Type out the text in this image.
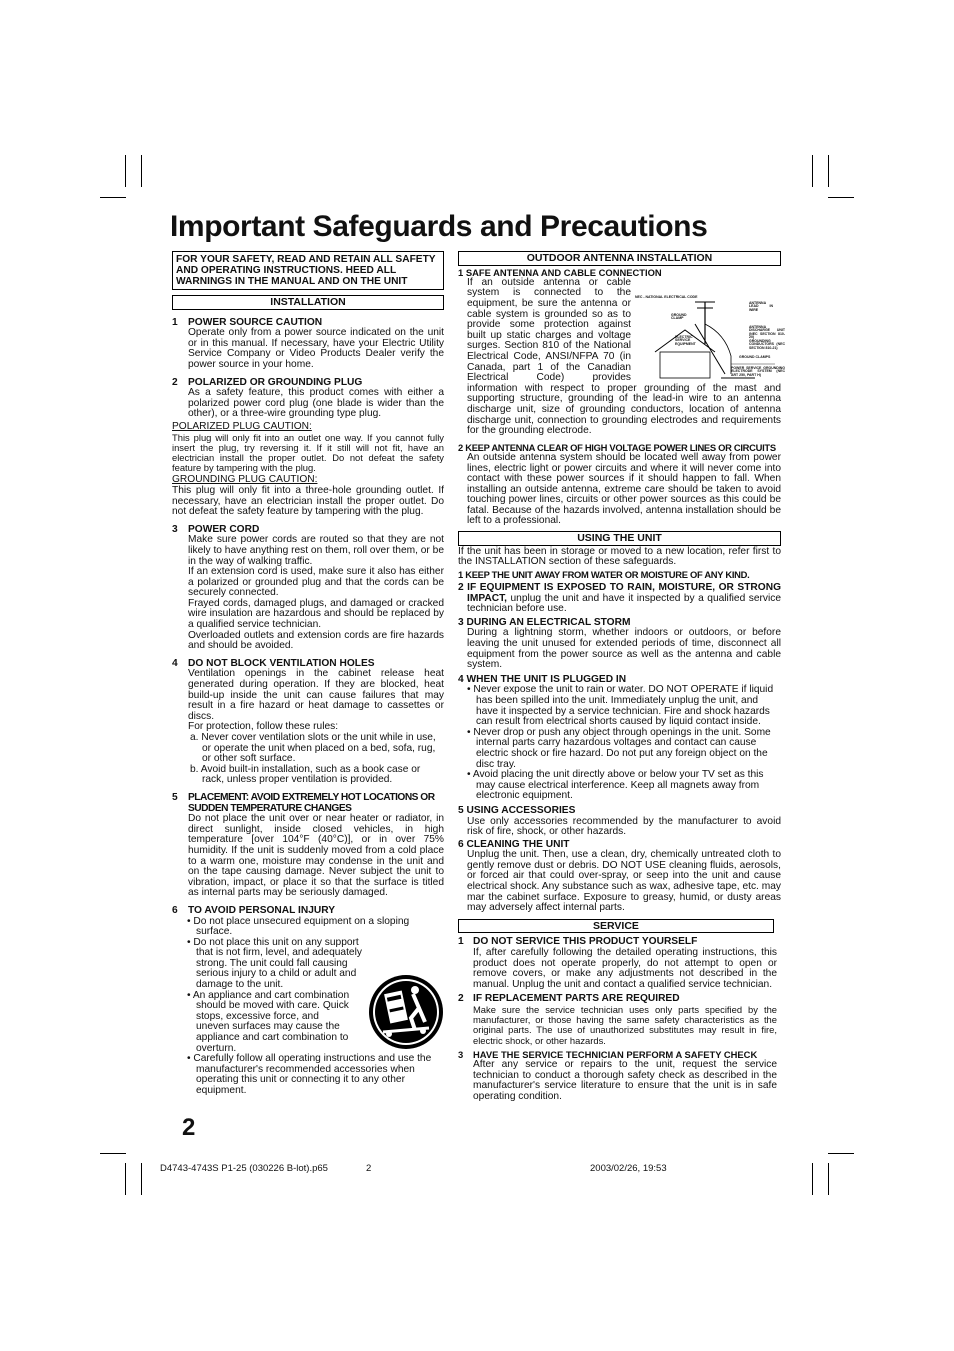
Important Safeguards and Precautions
FOR YOUR SAFETY, READ AND RETAIN ALL SAFETY AND OPERATING INSTRUCTIONS. HEED ALL WARNINGS IN THE MANUAL AND ON THE UNIT
INSTALLATION
1 POWER SOURCE CAUTION
Operate only from a power source indicated on the unit or in this manual. If necessary, have your Electric Utility Service Company or Video Products Dealer verify the power source in your home.
2 POLARIZED OR GROUNDING PLUG
As a safety feature, this product comes with either a polarized power cord plug (one blade is wider than the other), or a three-wire grounding type plug.
POLARIZED PLUG CAUTION:
This plug will only fit into an outlet one way. If you cannot fully insert the plug, try reversing it. If it still will not fit, have an electrician install the proper outlet. Do not defeat the safety feature by tampering with the plug.
GROUNDING PLUG CAUTION:
This plug will only fit into a three-hole grounding outlet. If necessary, have an electrician install the proper outlet. Do not defeat the safety feature by tampering with the plug.
3 POWER CORD
Make sure power cords are routed so that they are not likely to have anything rest on them, roll over them, or be in the way of walking traffic.
If an extension cord is used, make sure it also has either a polarized or grounded plug and that the cords can be securely connected.
Frayed cords, damaged plugs, and damaged or cracked wire insulation are hazardous and should be replaced by a qualified service technician.
Overloaded outlets and extension cords are fire hazards and should be avoided.
4 DO NOT BLOCK VENTILATION HOLES
Ventilation openings in the cabinet release heat generated during operation. If they are blocked, heat build-up inside the unit can cause failures that may result in a fire hazard or heat damage to cassettes or discs.
For protection, follow these rules:
a. Never cover ventilation slots or the unit while in use, or operate the unit when placed on a bed, sofa, rug, or other soft surface.
b. Avoid built-in installation, such as a book case or rack, unless proper ventilation is provided.
5	PLACEMENT: AVOID EXTREMELY HOT LOCATIONS OR SUDDEN TEMPERATURE CHANGES
Do not place the unit over or near heater or radiator, in direct sunlight, inside closed vehicles, in high temperature [over 104°F (40°C)], or in over 75% humidity. If the unit is suddenly moved from a cold place to a warm one, moisture may condense in the unit and on the tape causing damage. Never subject the unit to vibration, impact, or place it so that the surface is titled as internal parts may be seriously damaged.
6 TO AVOID PERSONAL INJURY
• Do not place unsecured equipment on a sloping surface.
• Do not place this unit on any support that is not firm, level, and adequately strong. The unit could fall causing serious injury to a child or adult and damage to the unit.
• An appliance and cart combination should be moved with care. Quick stops, excessive force, and uneven surfaces may cause the appliance and cart combination to overturn.
• Carefully follow all operating instructions and use the manufacturer's recommended accessories when operating this unit or connecting it to any other equipment.
2
OUTDOOR ANTENNA INSTALLATION
1 SAFE ANTENNA AND CABLE CONNECTION
NEC - NATIONAL ELECTRICAL CODE
ANTENNA LEAD IN WIRE
GROUND CLAMP
ANTENNA DISCHARGE UNIT (NEC SECTION 810-20)
ELECTRIC SERVICE EQUIPMENT
GROUNDING CONDUCTORS (NEC SECTION 810-21)
GROUND CLAMPS
POWER SERVICE GROUNDING ELECTRODE SYSTEM (NEC ART 250, PART H)
If an outside antenna or cable system is connected to the equipment, be sure the antenna or cable system is grounded so as to provide some protection against built up static charges and voltage surges. Section 810 of the National Electrical Code, ANSI/NFPA 70 (in Canada, part 1 of the Canadian Electrical Code) provides information with respect to proper grounding of the mast and supporting structure, grounding of the lead-in wire to an antenna discharge unit, size of grounding conductors, location of antenna discharge unit, connection to grounding electrodes and requirements for the grounding electrode.
2 KEEP ANTENNA CLEAR OF HIGH VOLTAGE POWER LINES OR CIRCUITS
An outside antenna system should be located well away from power lines, electric light or power circuits and where it will never come into contact with these power sources if it should happen to fall. When installing an outside antenna, extreme care should be taken to avoid touching power lines, circuits or other power sources as this could be fatal. Because of the hazards involved, antenna installation should be left to a professional.
USING THE UNIT
If the unit has been in storage or moved to a new location, refer first to the INSTALLATION section of these safeguards.
1 KEEP THE UNIT AWAY FROM WATER OR MOISTURE OF ANY KIND.
2 IF EQUIPMENT IS EXPOSED TO RAIN, MOISTURE, OR STRONG IMPACT, unplug the unit and have it inspected by a qualified service technician before use.
3 DURING AN ELECTRICAL STORM
During a lightning storm, whether indoors or outdoors, or before leaving the unit unused for extended periods of time, disconnect all equipment from the power source as well as the antenna and cable system.
4 WHEN THE UNIT IS PLUGGED IN
• Never expose the unit to rain or water. DO NOT OPERATE if liquid has been spilled into the unit. Immediately unplug the unit, and have it inspected by a service technician. Fire and shock hazards can result from electrical shorts caused by liquid contact inside.
• Never drop or push any object through openings in the unit. Some internal parts carry hazardous voltages and contact can cause electric shock or fire hazard. Do not put any foreign object on the disc tray.
• Avoid placing the unit directly above or below your TV set as this may cause electrical interference. Keep all magnets away from electronic equipment.
5 USING ACCESSORIES
Use only accessories recommended by the manufacturer to avoid risk of fire, shock, or other hazards.
6 CLEANING THE UNIT
Unplug the unit. Then, use a clean, dry, chemically untreated cloth to gently remove dust or debris. DO NOT USE cleaning fluids, aerosols, or forced air that could over-spray, or seep into the unit and cause electrical shock. Any substance such as wax, adhesive tape, etc. may mar the cabinet surface. Exposure to greasy, humid, or dusty areas may adversely affect internal parts.
SERVICE
1 DO NOT SERVICE THIS PRODUCT YOURSELF
If, after carefully following the detailed operating instructions, this product does not operate properly, do not attempt to open or remove covers, or make any adjustments not described in the manual. Unplug the unit and contact a qualified service technician.
2 IF REPLACEMENT PARTS ARE REQUIRED
Make sure the service technician uses only parts specified by the manufacturer, or those having the same safety characteristics as the original parts. The use of unauthorized substitutes may result in fire, electric shock, or other hazards.
3 HAVE THE SERVICE TECHNICIAN PERFORM A SAFETY CHECK
After any service or repairs to the unit, request the service technician to conduct a thorough safety check as described in the manufacturer's service literature to ensure that the unit is in safe operating condition.
D4743-4743S P1-25 (030226 B-lot).p65	2	2003/02/26, 19:53
